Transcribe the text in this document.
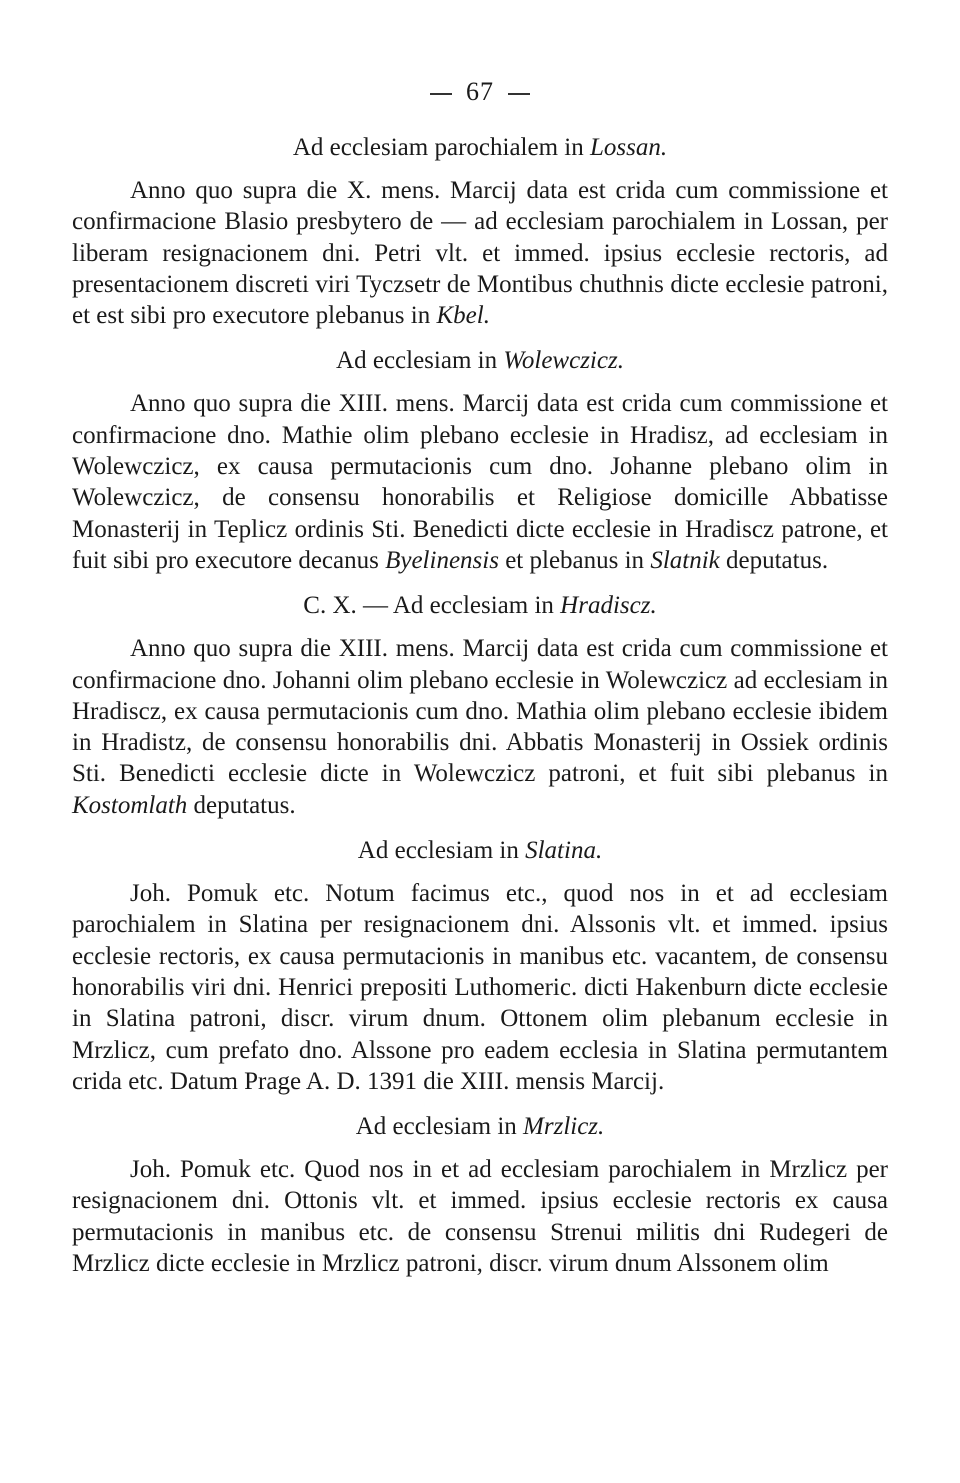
67
Ad ecclesiam parochialem in Lossan.

Anno quo supra die X. mens. Marcij data est crida cum commissione et confirmacione Blasio presbytero de — ad ecclesiam parochialem in Lossan, per liberam resignacionem dni. Petri vlt. et immed. ipsius ecclesie rectoris, ad presentacionem discreti viri Tyczsetr de Montibus chuthnis dicte ecclesie patroni, et est sibi pro executore plebanus in Kbel.

Ad ecclesiam in Wolewczicz.

Anno quo supra die XIII. mens. Marcij data est crida cum commissione et confirmacione dno. Mathie olim plebano ecclesie in Hradisz, ad ecclesiam in Wolewczicz, ex causa permutacionis cum dno. Johanne plebano olim in Wolewczicz, de consensu honorabilis et Religiose domicille Abbatisse Monasterij in Teplicz ordinis Sti. Benedicti dicte ecclesie in Hradiscz patrone, et fuit sibi pro executore decanus Byelinensis et plebanus in Slatnik deputatus.

C. X. — Ad ecclesiam in Hradiscz.

Anno quo supra die XIII. mens. Marcij data est crida cum commissione et confirmacione dno. Johanni olim plebano ecclesie in Wolewczicz ad ecclesiam in Hradiscz, ex causa permutacionis cum dno. Mathia olim plebano ecclesie ibidem in Hradistz, de consensu honorabilis dni. Abbatis Monasterij in Ossiek ordinis Sti. Benedicti ecclesie dicte in Wolewczicz patroni, et fuit sibi plebanus in Kostomlath deputatus.

Ad ecclesiam in Slatina.

Joh. Pomuk etc. Notum facimus etc., quod nos in et ad ecclesiam parochialem in Slatina per resignacionem dni. Alssonis vlt. et immed. ipsius ecclesie rectoris, ex causa permutacionis in manibus etc. vacantem, de consensu honorabilis viri dni. Henrici prepositi Luthomeric. dicti Hakenburn dicte ecclesie in Slatina patroni, discr. virum dnum. Ottonem olim plebanum ecclesie in Mrzlicz, cum prefato dno. Alssone pro eadem ecclesia in Slatina permutantem crida etc. Datum Prage A. D. 1391 die XIII. mensis Marcij.

Ad ecclesiam in Mrzlicz.

Joh. Pomuk etc. Quod nos in et ad ecclesiam parochialem in Mrzlicz per resignacionem dni. Ottonis vlt. et immed. ipsius ecclesie rectoris ex causa permutacionis in manibus etc. de consensu Strenui militis dni Rudegeri de Mrzlicz dicte ecclesie in Mrzlicz patroni, discr. virum dnum Alssonem olim
